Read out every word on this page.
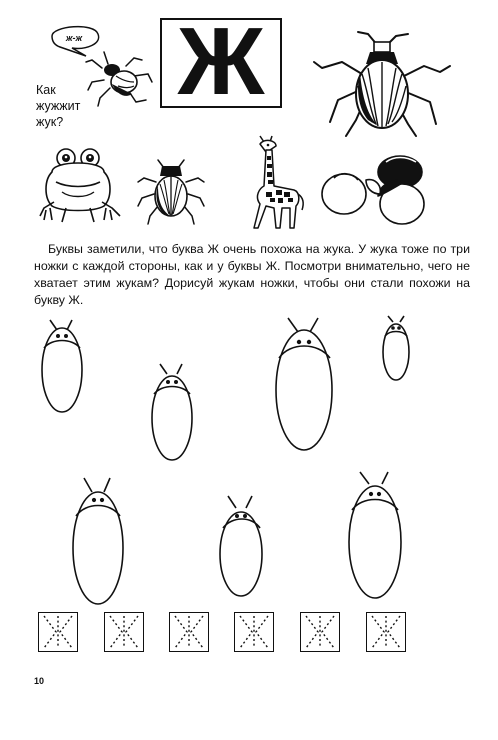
ж-ж
Как
жужжит
жук?
Ж

Буквы заметили, что буква Ж очень похожа на жука. У жука тоже по три ножки с каждой стороны, как и у буквы Ж. Посмотри внимательно, чего не хватает этим жукам? Дорисуй жукам ножки, чтобы они стали похожи на букву Ж.

10
